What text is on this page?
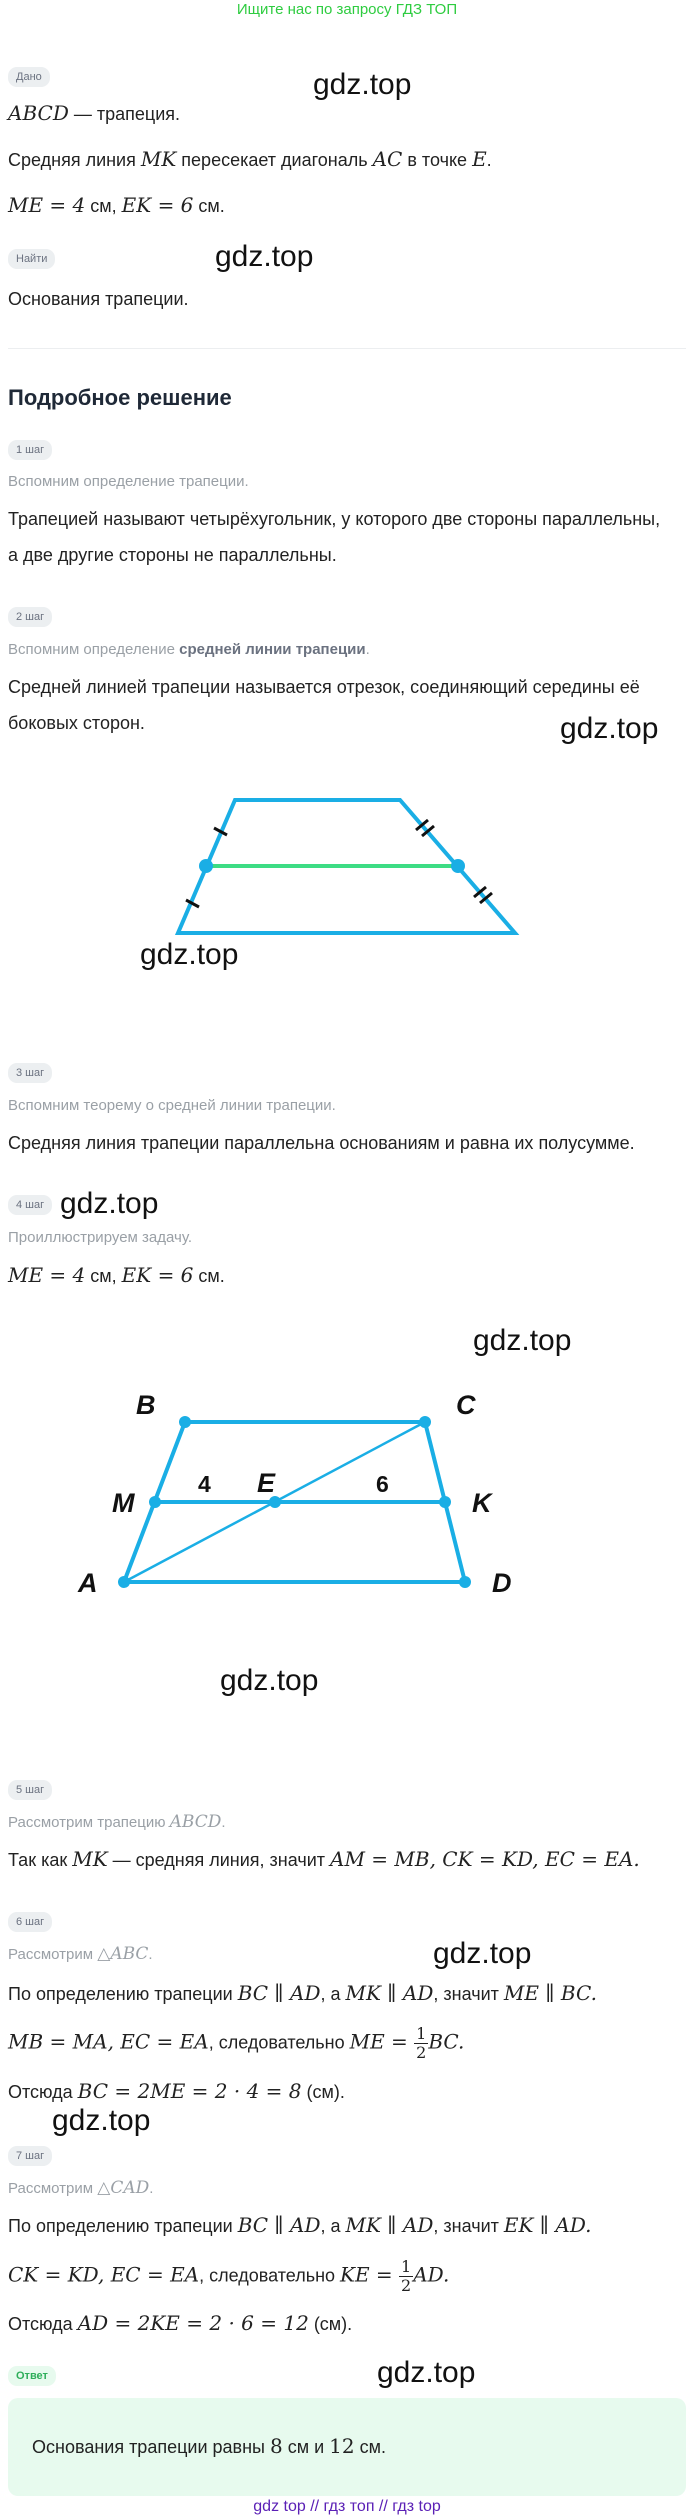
Ищите нас по запросу ГДЗ ТОП
Дано	gdz.top
ABCD — трапеция.
Средняя линия MK пересекает диагональ AC в точке E.
ME = 4 см, EK = 6 см.
Найти	gdz.top
Основания трапеции.
Подробное решение
1 шаг
Вспомним определение трапеции.
Трапецией называют четырёхугольник, у которого две стороны параллельны,
а две другие стороны не параллельны.
2 шаг
Вспомним определение средней линии трапеции.
Средней линией трапеции называется отрезок, соединяющий середины её
боковых сторон.	gdz.top
gdz.top
3 шаг
Вспомним теорему о средней линии трапеции.
Средняя линия трапеции параллельна основаниям и равна их полусумме.
4 шаг gdz.top
Проиллюстрируем задачу.
ME = 4 см, EK = 6 см.
gdz.top
B	C
M
E
K
A	D
4	6
gdz.top
5 шаг
Рассмотрим трапецию ABCD.
Так как MK — средняя линия, значит AM = MB, CK = KD, EC = EA.
6 шаг
Рассмотрим △ABC.	gdz.top
По определению трапеции BC ∥ AD, а MK ∥ AD, значит ME ∥ BC.
MB = MA, EC = EA, следовательно ME = $\frac{1}{2}$ BC.
Отсюда BC = 2ME = 2 · 4 = 8 (см).
gdz.top
7 шаг
Рассмотрим △CAD.
По определению трапеции BC ∥ AD, а MK ∥ AD, значит EK ∥ AD.
CK = KD, EC = EA, следовательно KE = $\frac{1}{2}$ AD.
Отсюда AD = 2KE = 2 · 6 = 12 (см).
Ответ	gdz.top
Основания трапеции равны 8 см и 12 см.
gdz top // гдз топ // гдз top
